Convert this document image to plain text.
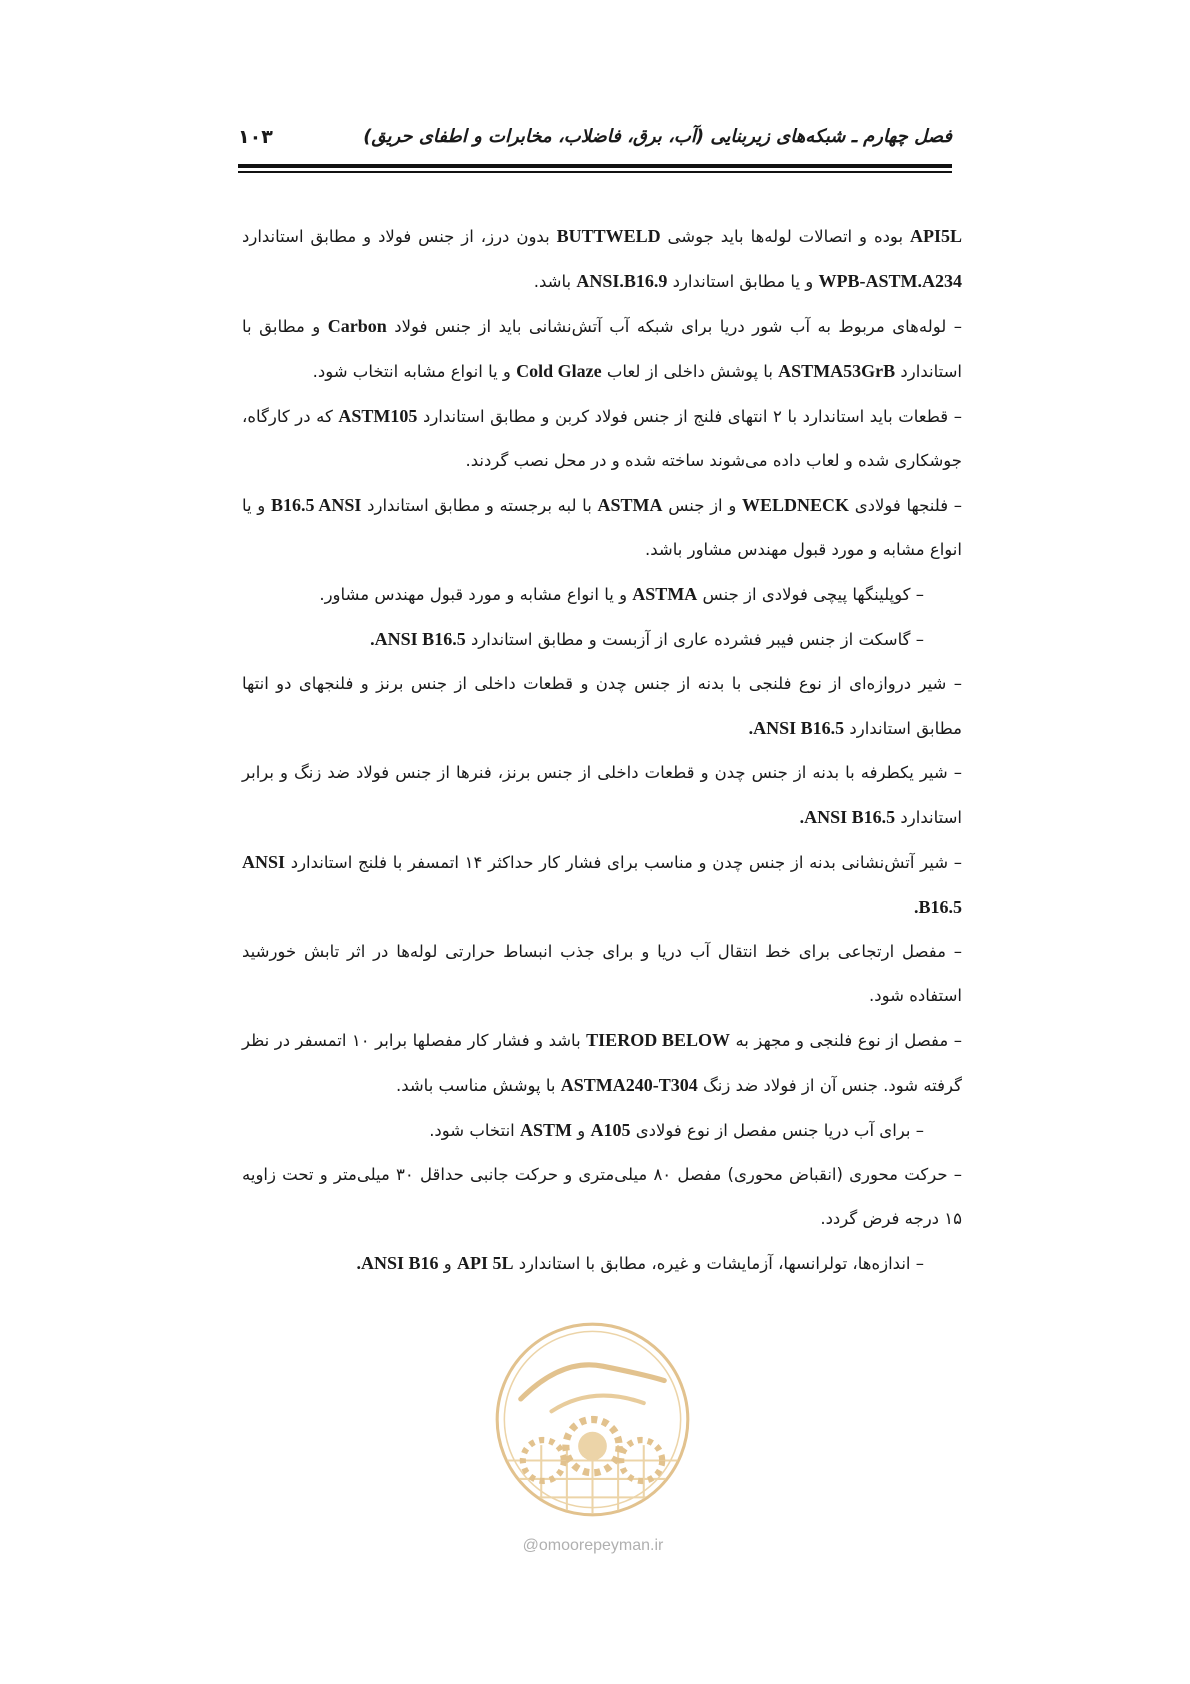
فصل چهارم ـ شبکه‌های زیربنایی (آب، برق، فاضلاب، مخابرات و اطفای حریق)
۱۰۳

API5L بوده و اتصالات لوله‌ها باید جوشی BUTTWELD بدون درز، از جنس فولاد و مطابق استاندارد WPB-ASTM.A234 و یا مطابق استاندارد ANSI.B16.9 باشد.

– لوله‌های مربوط به آب شور دریا برای شبکه آب آتش‌نشانی باید از جنس فولاد Carbon و مطابق با استاندارد ASTMA53GrB با پوشش داخلی از لعاب Cold Glaze و یا انواع مشابه انتخاب شود.

– قطعات باید استاندارد با ۲ انتهای فلنج از جنس فولاد کربن و مطابق استاندارد ASTM105 که در کارگاه، جوشکاری شده و لعاب داده می‌شوند ساخته شده و در محل نصب گردند.

– فلنجها فولادی WELDNECK و از جنس ASTMA با لبه برجسته و مطابق استاندارد B16.5 ANSI و یا انواع مشابه و مورد قبول مهندس مشاور باشد.

– کوپلینگها پیچی فولادی از جنس ASTMA و یا انواع مشابه و مورد قبول مهندس مشاور.

– گاسکت از جنس فیبر فشرده عاری از آزبست و مطابق استاندارد ANSI B16.5.

– شیر دروازه‌ای از نوع فلنجی با بدنه از جنس چدن و قطعات داخلی از جنس برنز و فلنجهای دو انتها مطابق استاندارد ANSI B16.5.

– شیر یکطرفه با بدنه از جنس چدن و قطعات داخلی از جنس برنز، فنرها از جنس فولاد ضد زنگ و برابر استاندارد ANSI B16.5.

– شیر آتش‌نشانی بدنه از جنس چدن و مناسب برای فشار کار حداکثر ۱۴ اتمسفر با فلنج استاندارد ANSI B16.5.

– مفصل ارتجاعی برای خط انتقال آب دریا و برای جذب انبساط حرارتی لوله‌ها در اثر تابش خورشید استفاده شود.

– مفصل از نوع فلنجی و مجهز به TIEROD BELOW باشد و فشار کار مفصلها برابر ۱۰ اتمسفر در نظر گرفته شود. جنس آن از فولاد ضد زنگ ASTMA240-T304 با پوشش مناسب باشد.

– برای آب دریا جنس مفصل از نوع فولادی A105 و ASTM انتخاب شود.

– حرکت محوری (انقباض محوری) مفصل ۸۰ میلی‌متری و حرکت جانبی حداقل ۳۰ میلی‌متر و تحت زاویه ۱۵ درجه فرض گردد.

– اندازه‌ها، تولرانسها، آزمایشات و غیره، مطابق با استاندارد API 5L و ANSI B16.

@omoorepeyman.ir
